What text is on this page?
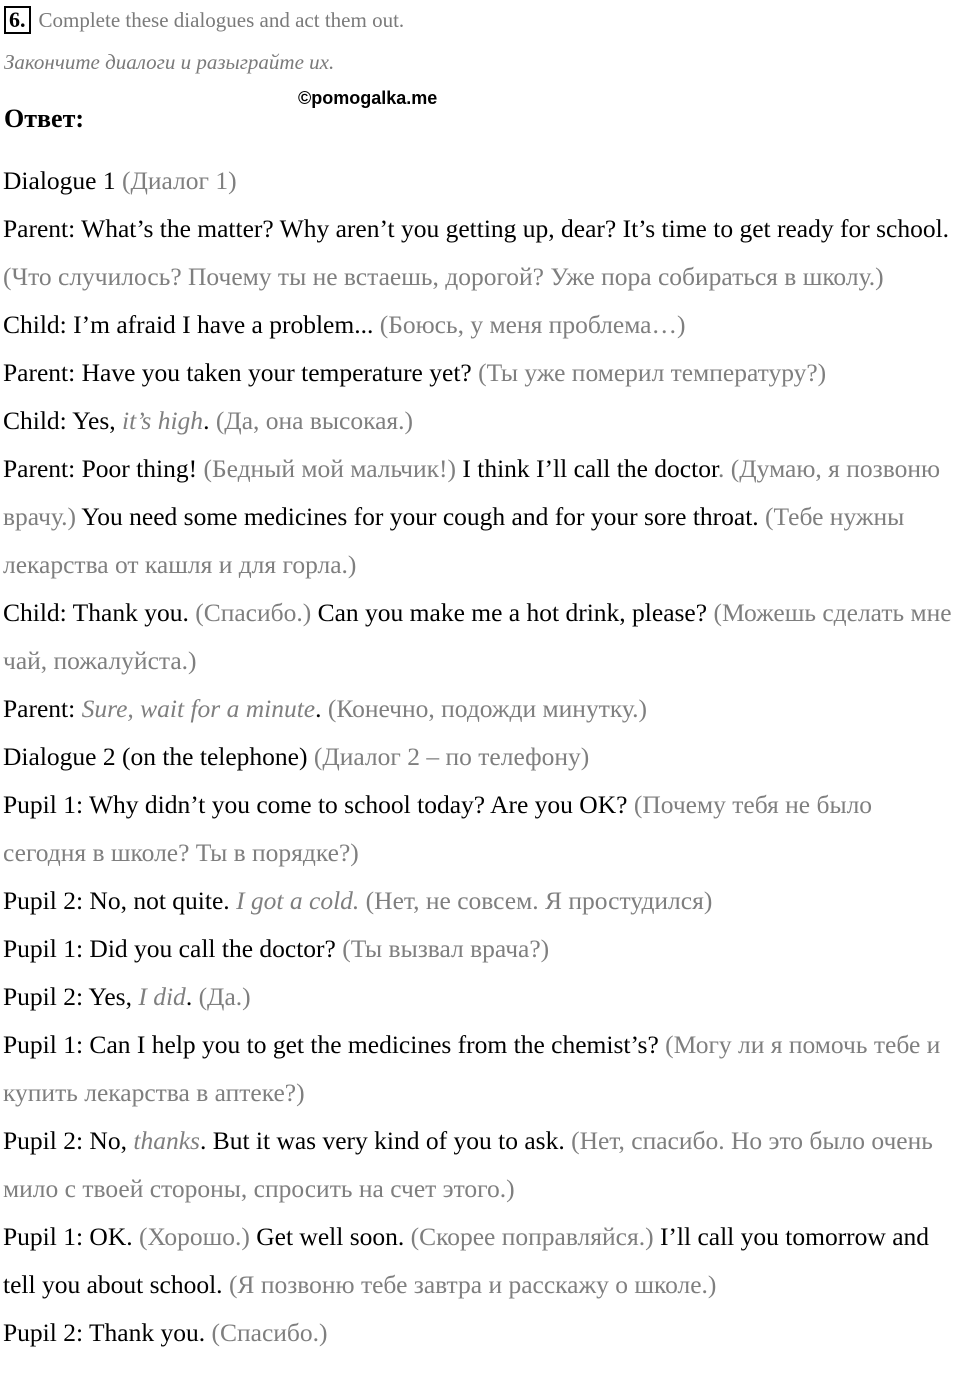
6. Complete these dialogues and act them out.
Закончите диалоги и разыграйте их.
©pomogalka.me
Ответ:
Dialogue 1 (Диалог 1)
Parent: What’s the matter? Why aren’t you getting up, dear? It’s time to get ready for school. (Что случилось? Почему ты не встаешь, дорогой? Уже пора собираться в школу.)
Child: I’m afraid I have a problem... (Боюсь, у меня проблема…)
Parent: Have you taken your temperature yet? (Ты уже померил температуру?)
Child: Yes, it’s high. (Да, она высокая.)
Parent: Poor thing! (Бедный мой мальчик!) I think I’ll call the doctor. (Думаю, я позвоню врачу.) You need some medicines for your cough and for your sore throat. (Тебе нужны лекарства от кашля и для горла.)
Child: Thank you. (Спасибо.) Can you make me a hot drink, please? (Можешь сделать мне чай, пожалуйста.)
Parent: Sure, wait for a minute. (Конечно, подожди минутку.)
Dialogue 2 (on the telephone) (Диалог 2 – по телефону)
Pupil 1: Why didn’t you come to school today? Are you OK? (Почему тебя не было сегодня в школе? Ты в порядке?)
Pupil 2: No, not quite. I got a cold. (Нет, не совсем. Я простудился)
Pupil 1: Did you call the doctor? (Ты вызвал врача?)
Pupil 2: Yes, I did. (Да.)
Pupil 1: Can I help you to get the medicines from the chemist’s? (Могу ли я помочь тебе и купить лекарства в аптеке?)
Pupil 2: No, thanks. But it was very kind of you to ask. (Нет, спасибо. Но это было очень мило с твоей стороны, спросить на счет этого.)
Pupil 1: OK. (Хорошо.) Get well soon. (Скорее поправляйся.) I’ll call you tomorrow and tell you about school. (Я позвоню тебе завтра и расскажу о школе.)
Pupil 2: Thank you. (Спасибо.)
